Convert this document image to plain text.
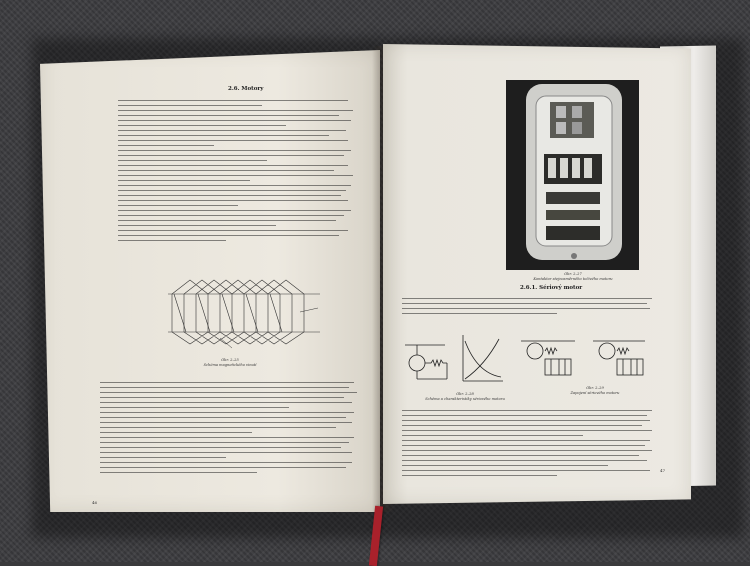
2.6. Motory
Obr. 2–25
Schéma magnetického vinutí
46
Obr. 2–27
Kontaktor stejnosměrného točivého motoru
2.6.1. Sériový motor
Obr. 2–28
Schéma a charakteristiky sériového motoru
Obr. 2–29
Zapojení sériového motoru
47
